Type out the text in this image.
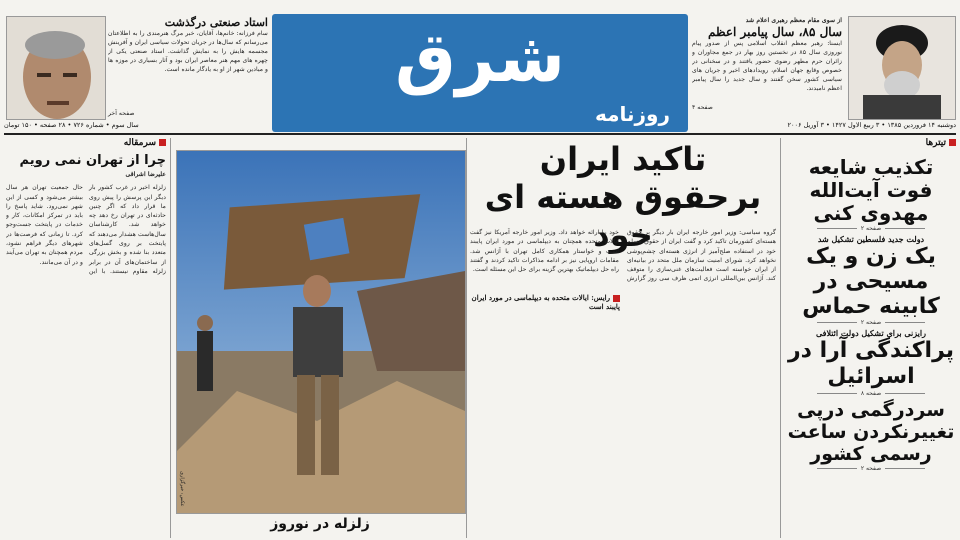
استاد صنعتی درگذشت
سام فرزانه: خانم‌ها، آقایان، خبر مرگ هنرمندی را به اطلاعتان می‌رسانم که سال‌ها در جریان تحولات سیاسی ایران و آفرینش مجسمه هایش را به نمایش گذاشت. استاد صنعتی یکی از چهره های مهم هنر معاصر ایران بود و آثار بسیاری در موزه ها و میادین شهر از او به یادگار مانده است.
صفحه آخر
شرق
روزنامه
از سوی مقام معظم رهبری اعلام شد
سال ۸۵، سال پیامبر اعظم
ایسنا: رهبر معظم انقلاب اسلامی پس از صدور پیام نوروزی سال ۸۵ در نخستین روز بهار در جمع مجاوران و زائران حرم مطهر رضوی حضور یافتند و در سخنانی در خصوص وقایع جهان اسلام، رویدادهای اخیر و جریان های سیاسی کشور سخن گفتند و سال جدید را سال پیامبر اعظم نامیدند.
صفحه ۴
سال سوم • شماره ۷۲۶ • ۲۸ صفحه • ۱۵۰ تومان	دوشنبه ۱۴ فروردین ۱۳۸۵ • ۳ ربیع الاول ۱۴۲۷ • ۳ آوریل ۲۰۰۶
تیترها
تکذیب شایعه فوت آیت‌الله مهدوی کنی
صفحه ۲
دولت جدید فلسطین تشکیل شد
یک زن و یک مسیحی در کابینه حماس
صفحه ۲
رایزنی برای تشکیل دولت ائتلافی
پراکندگی آرا در اسرائیل
صفحه ۸
سردرگمی درپی تغییرنکردن ساعت رسمی کشور
صفحه ۲
تاکید ایران
برحقوق هسته ای خود
گروه سیاسی: وزیر امور خارجه ایران بار دیگر بر حقوق هسته‌ای کشورمان تاکید کرد و گفت ایران از حقوق مسلم خود در استفاده صلح‌آمیز از انرژی هسته‌ای چشم‌پوشی نخواهد کرد. شورای امنیت سازمان ملل متحد در بیانیه‌ای از ایران خواسته است فعالیت‌های غنی‌سازی را متوقف کند. آژانس بین‌المللی انرژی اتمی ظرف سی روز گزارش خود را ارائه خواهد داد. وزیر امور خارجه آمریکا نیز گفت ایالات متحده همچنان به دیپلماسی در مورد ایران پایبند است و خواستار همکاری کامل تهران با آژانس شد. مقامات اروپایی نیز بر ادامه مذاکرات تاکید کردند و گفتند راه حل دیپلماتیک بهترین گزینه برای حل این مسئله است.
رایس: ایالات متحده به دیپلماسی در مورد ایران پایبند است
عکس: خبرگزاری
زلزله در نوروز
سرمقاله
چرا از تهران نمی رویم
علیرضا اشراقی
زلزله اخیر در غرب کشور بار دیگر این پرسش را پیش روی ما قرار داد که اگر چنین حادثه‌ای در تهران رخ دهد چه خواهد شد. کارشناسان سال‌هاست هشدار می‌دهند که پایتخت بر روی گسل‌های متعدد بنا شده و بخش بزرگی از ساختمان‌های آن در برابر زلزله مقاوم نیستند. با این حال جمعیت تهران هر سال بیشتر می‌شود و کسی از این شهر نمی‌رود. شاید پاسخ را باید در تمرکز امکانات، کار و خدمات در پایتخت جست‌وجو کرد. تا زمانی که فرصت‌ها در شهرهای دیگر فراهم نشود، مردم همچنان به تهران می‌آیند و در آن می‌مانند.
